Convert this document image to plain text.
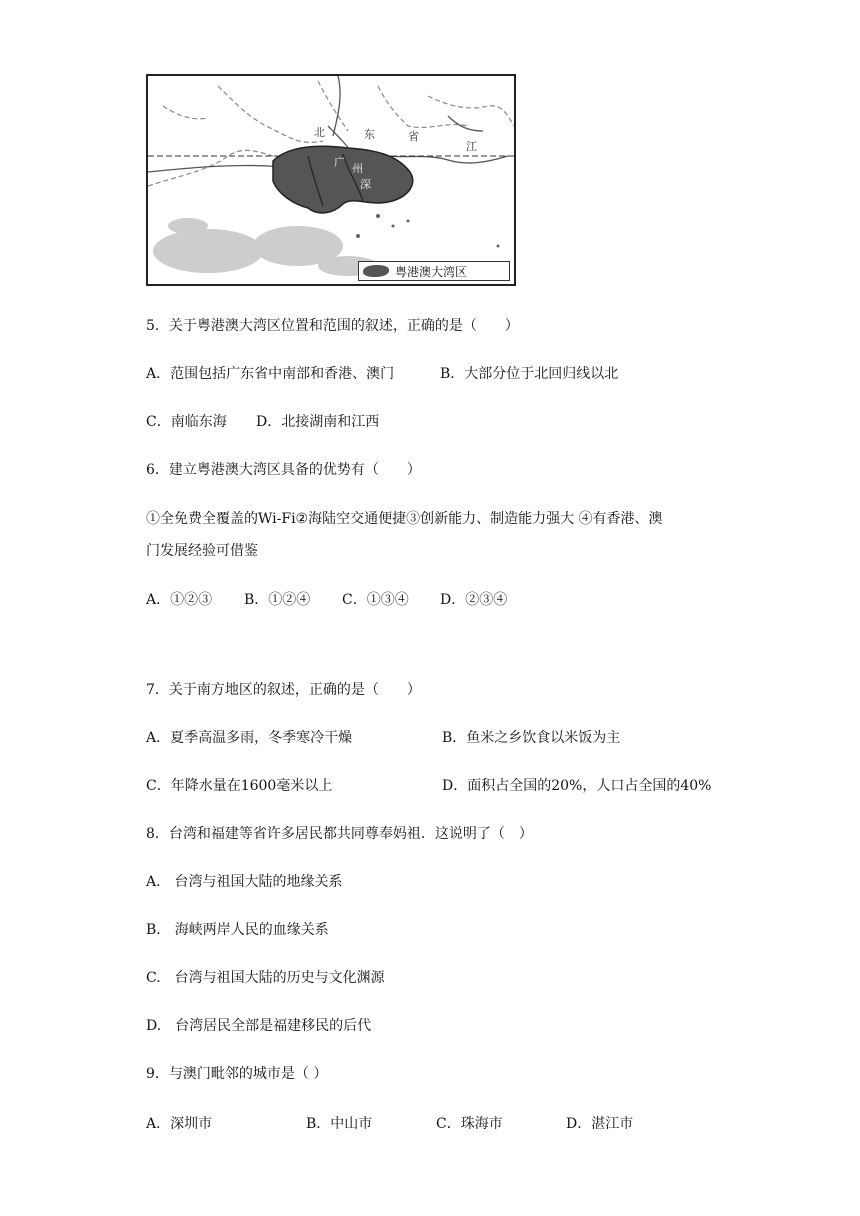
北	东	省
江
广 州
深
粤港澳大湾区
5．关于粤港澳大湾区位置和范围的叙述，正确的是（　　）
A．范围包括广东省中南部和香港、澳门	B．大部分位于北回归线以北
C．南临东海 D．北接湖南和江西
6．建立粤港澳大湾区具备的优势有（　　）
①全免费全覆盖的Wi-Fi②海陆空交通便捷③创新能力、制造能力强大 ④有香港、澳
门发展经验可借鉴
A．①②③ B．①②④ C．①③④ D．②③④
7．关于南方地区的叙述，正确的是（　　）
A．夏季高温多雨，冬季寒冷干燥	B．鱼米之乡饮食以米饭为主
C．年降水量在1600毫米以上	D．面积占全国的20%，人口占全国的40%
8．台湾和福建等省许多居民都共同尊奉妈祖．这说明了（　）
A.　台湾与祖国大陆的地缘关系
B.　海峡两岸人民的血缘关系
C.　台湾与祖国大陆的历史与文化渊源
D.　台湾居民全部是福建移民的后代
9．与澳门毗邻的城市是（ ）
A．深圳市	B．中山市	C．珠海市	D．湛江市
